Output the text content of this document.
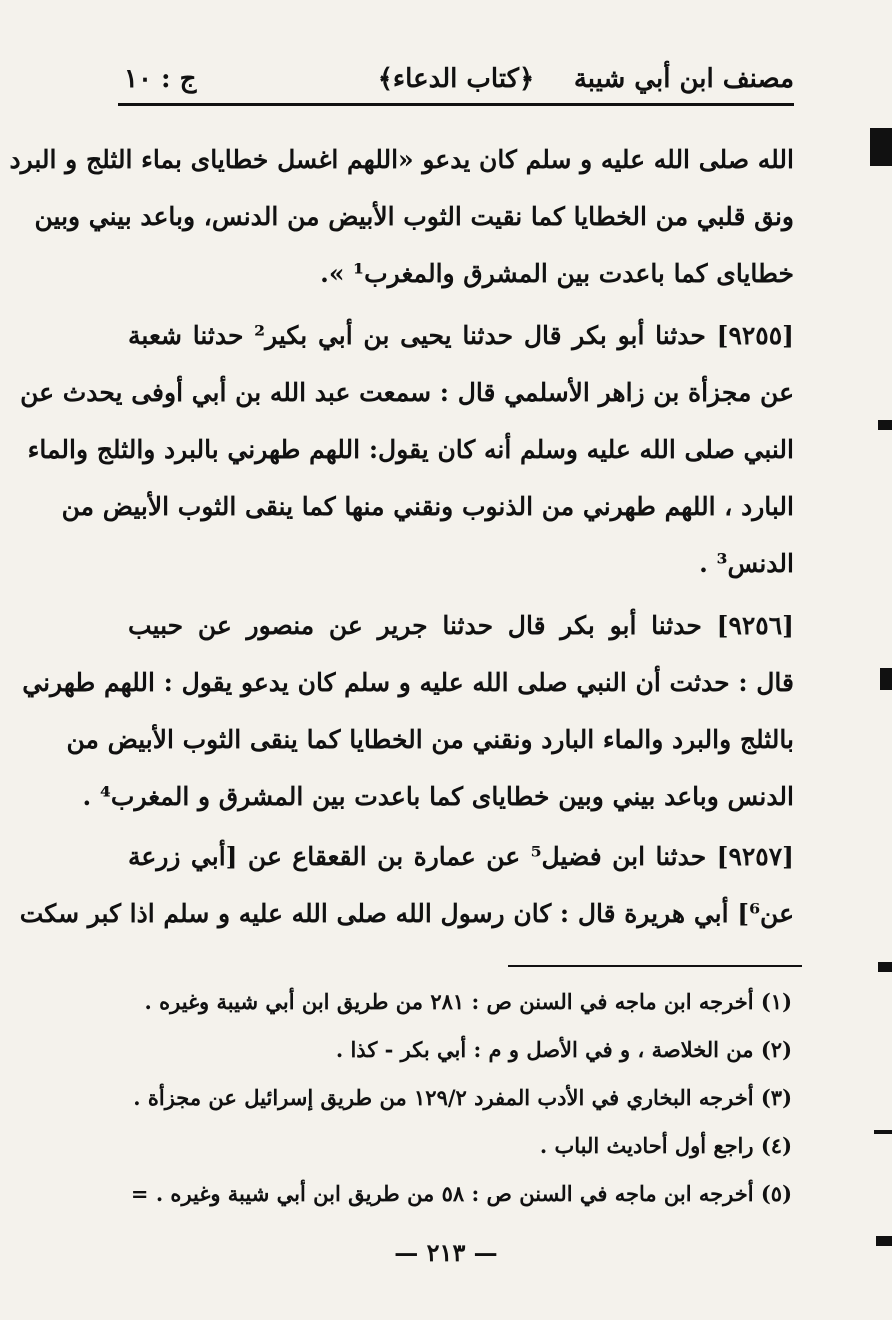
مصنف ابن أبي شيبة
﴿كتاب الدعاء﴾
ج : ١٠
الله صلى الله عليه و سلم كان يدعو «اللهم اغسل خطاياى بماء الثلج و البرد
ونق قلبي من الخطايا كما نقيت الثوب الأبيض من الدنس، وباعد بيني وبين
خطاياى كما باعدت بين المشرق والمغرب¹ ».
[٩٢٥٥] حدثنا أبو بكر قال حدثنا يحيى بن أبي بكير² حدثنا شعبة
عن مجزأة بن زاهر الأسلمي قال : سمعت عبد الله بن أبي أوفى يحدث عن
النبي صلى الله عليه وسلم أنه كان يقول: اللهم طهرني بالبرد والثلج والماء
البارد ، اللهم طهرني من الذنوب ونقني منها كما ينقى الثوب الأبيض من
الدنس³ .
[٩٢٥٦] حدثنا أبو بكر قال حدثنا جرير عن منصور عن حبيب
قال : حدثت أن النبي صلى الله عليه و سلم كان يدعو يقول : اللهم طهرني
بالثلج والبرد والماء البارد ونقني من الخطايا كما ينقى الثوب الأبيض من
الدنس وباعد بيني وبين خطاياى كما باعدت بين المشرق و المغرب⁴ .
[٩٢٥٧] حدثنا ابن فضيل⁵ عن عمارة بن القعقاع عن [أبي زرعة
عن⁶] أبي هريرة قال : كان رسول الله صلى الله عليه و سلم اذا كبر سكت
(١) أخرجه ابن ماجه في السنن ص : ٢٨١ من طريق ابن أبي شيبة وغيره .
(٢) من الخلاصة ، و في الأصل و م : أبي بكر - كذا .
(٣) أخرجه البخاري في الأدب المفرد ١٢٩/٢ من طريق إسرائيل عن مجزأة .
(٤) راجع أول أحاديث الباب .
(٥) أخرجه ابن ماجه في السنن ص : ٥٨ من طريق ابن أبي شيبة وغيره . =
— ٢١٣ —
